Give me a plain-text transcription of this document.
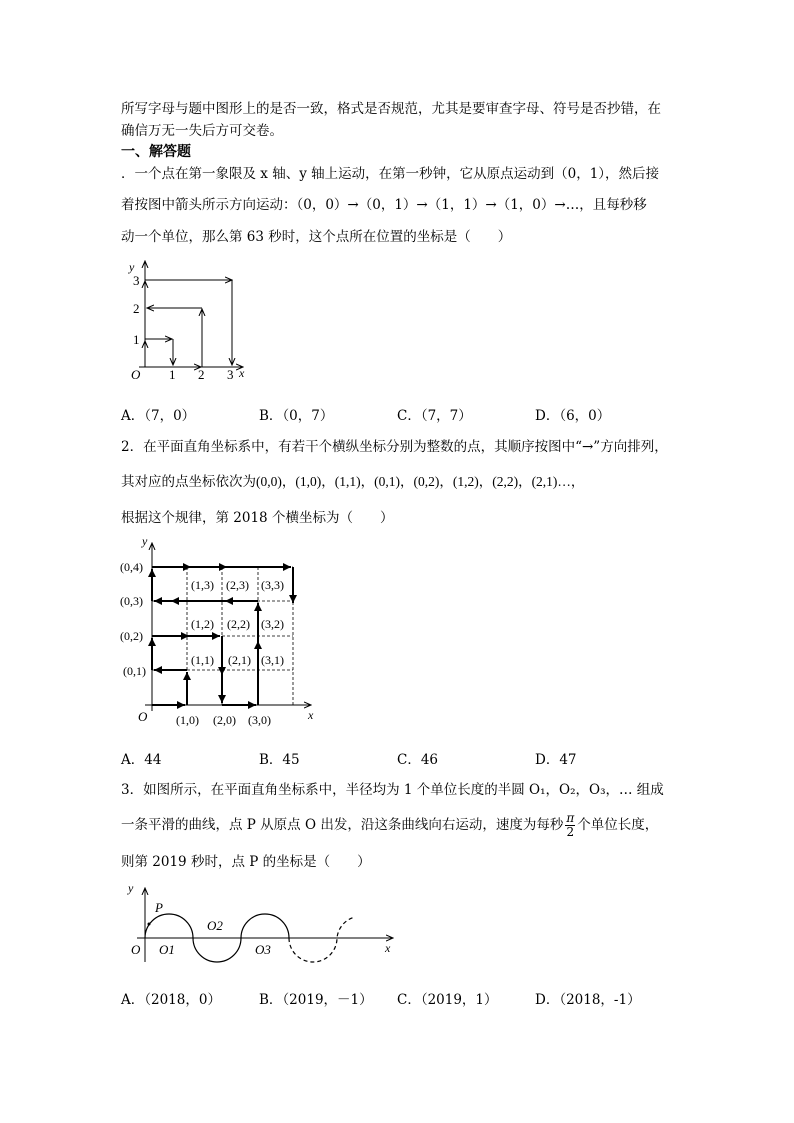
所写字母与题中图形上的是否一致，格式是否规范，尤其是要审查字母、符号是否抄错，在
确信万无一失后方可交卷。
一、解答题
．一个点在第一象限及 x 轴、y 轴上运动，在第一秒钟，它从原点运动到（0，1），然后接
着按图中箭头所示方向运动：（0，0）→（0，1）→（1，1）→（1，0）→…，且每秒移
动一个单位，那么第 63 秒时，这个点所在位置的坐标是（　　）
y
x
O 1 2 3
1
2
3
A．（7，0）	B．（0，7）	C．（7，7）	D．（6，0）
2．在平面直角坐标系中，有若干个横纵坐标分别为整数的点，其顺序按图中“→”方向排列，
其对应的点坐标依次为(0,0)，(1,0)，(1,1)，(0,1)，(0,2)，(1,2)，(2,2)，(2,1)…，
根据这个规律，第 2018 个横坐标为（　　）
y
x
O
(0,4)
(0,3)
(0,2)
(0,1)
(1,0) (2,0) (3,0)
(1,3) (2,3) (3,3)
(1,2) (2,2) (3,2)
(1,1) (2,1) (3,1)
A．44	B．45	C．46	D．47
3．如图所示，在平面直角坐标系中，半径均为 1 个单位长度的半圆 O₁，O₂，O₃，… 组成
一条平滑的曲线，点 P 从原点 O 出发，沿这条曲线向右运动，速度为每秒 $\frac{\pi}{2}$ 个单位长度，
则第 2019 秒时，点 P 的坐标是（　　）
P
y
x
O O1
O2
O3
A．（2018，0）	B．（2019，－1） C．（2019，1）	D．（2018，-1）
